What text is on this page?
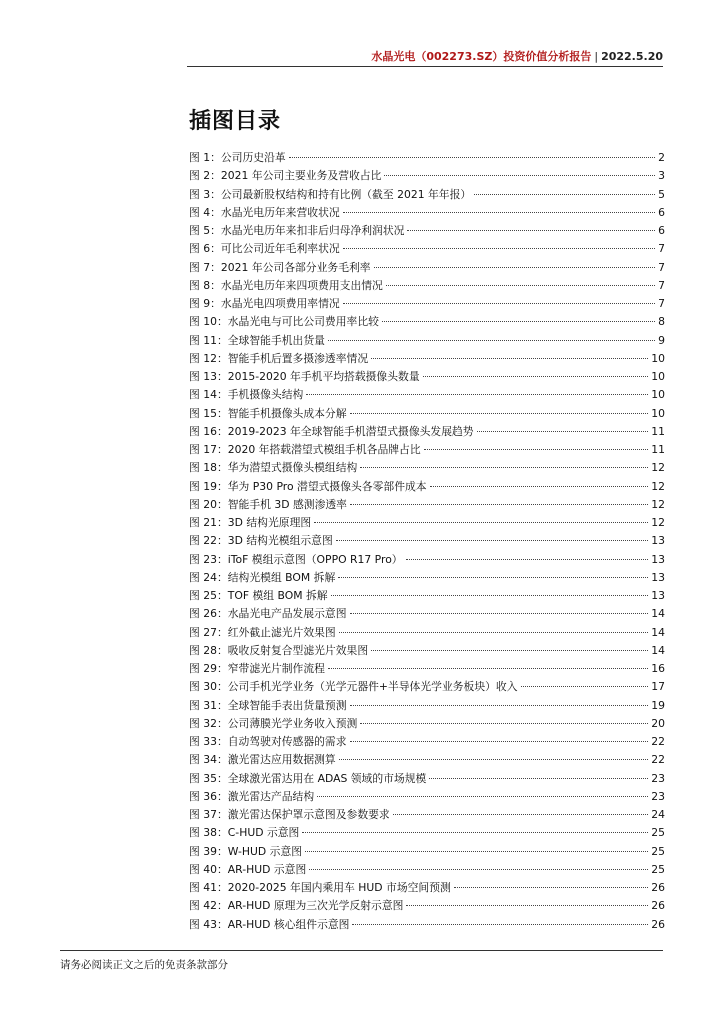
水晶光电（002273.SZ）投资价值分析报告 | 2022.5.20
插图目录
图 1： 公司历史沿革	2
图 2： 2021 年公司主要业务及营收占比	3
图 3： 公司最新股权结构和持有比例（截至 2021 年年报）	5
图 4： 水晶光电历年来营收状况	6
图 5： 水晶光电历年来扣非后归母净利润状况	6
图 6： 可比公司近年毛利率状况	7
图 7： 2021 年公司各部分业务毛利率	7
图 8： 水晶光电历年来四项费用支出情况	7
图 9： 水晶光电四项费用率情况	7
图 10： 水晶光电与可比公司费用率比较	8
图 11： 全球智能手机出货量	9
图 12： 智能手机后置多摄渗透率情况	10
图 13： 2015-2020 年手机平均搭载摄像头数量	10
图 14： 手机摄像头结构	10
图 15： 智能手机摄像头成本分解	10
图 16： 2019-2023 年全球智能手机潜望式摄像头发展趋势	11
图 17： 2020 年搭载潜望式模组手机各品牌占比	11
图 18： 华为潜望式摄像头模组结构	12
图 19： 华为 P30 Pro 潜望式摄像头各零部件成本	12
图 20： 智能手机 3D 感测渗透率	12
图 21： 3D 结构光原理图	12
图 22： 3D 结构光模组示意图	13
图 23： iToF 模组示意图（OPPO R17 Pro）	13
图 24： 结构光模组 BOM 拆解	13
图 25： TOF 模组 BOM 拆解	13
图 26： 水晶光电产品发展示意图	14
图 27： 红外截止滤光片效果图	14
图 28： 吸收反射复合型滤光片效果图	14
图 29： 窄带滤光片制作流程	16
图 30： 公司手机光学业务（光学元器件+半导体光学业务板块）收入	17
图 31： 全球智能手表出货量预测	19
图 32： 公司薄膜光学业务收入预测	20
图 33： 自动驾驶对传感器的需求	22
图 34： 激光雷达应用数据测算	22
图 35： 全球激光雷达用在 ADAS 领域的市场规模	23
图 36： 激光雷达产品结构	23
图 37： 激光雷达保护罩示意图及参数要求	24
图 38： C-HUD 示意图	25
图 39： W-HUD 示意图	25
图 40： AR-HUD 示意图	25
图 41： 2020-2025 年国内乘用车 HUD 市场空间预测	26
图 42： AR-HUD 原理为三次光学反射示意图	26
图 43： AR-HUD 核心组件示意图	26
请务必阅读正文之后的免责条款部分
